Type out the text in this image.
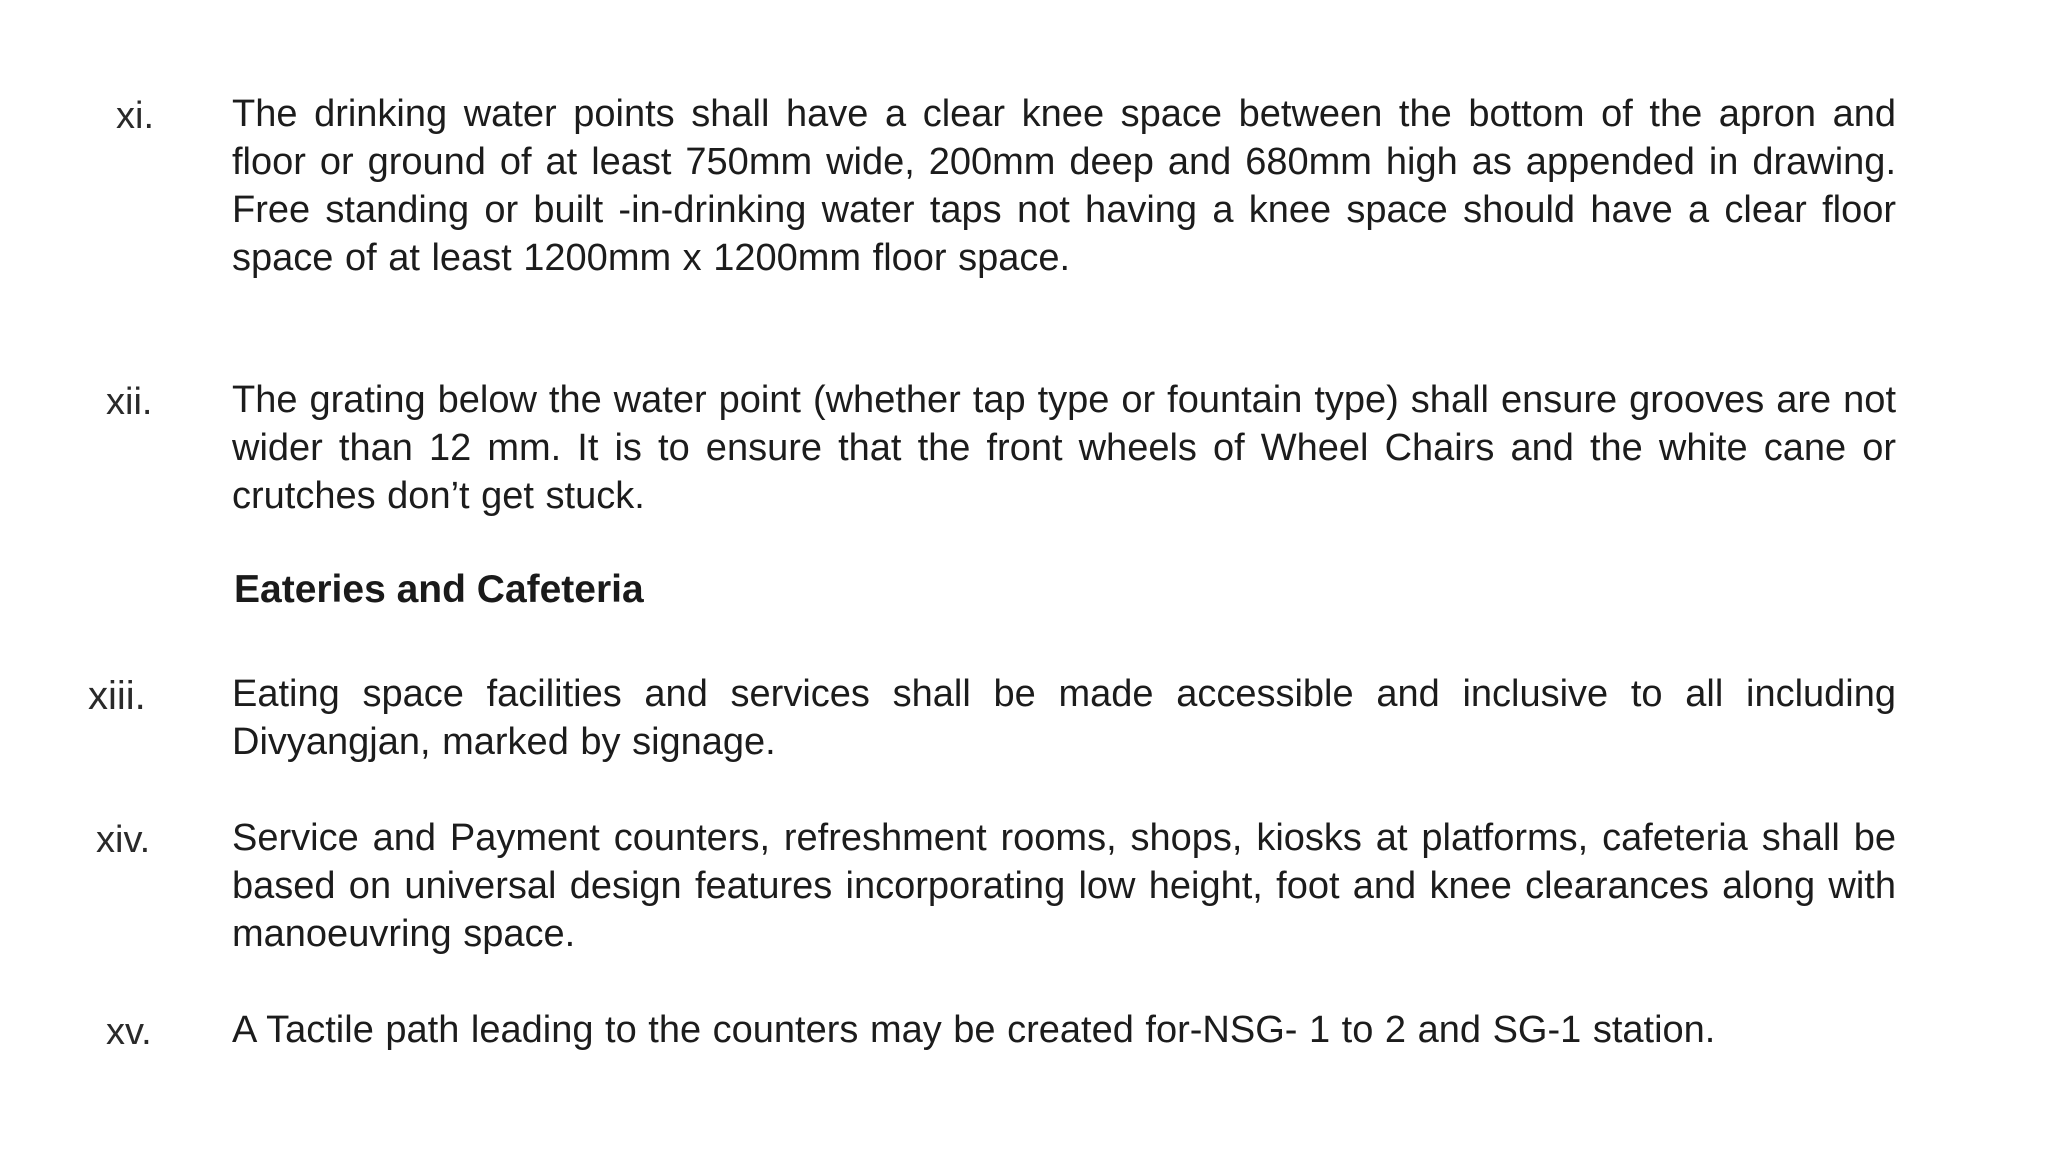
xi. The drinking water points shall have a clear knee space between the bottom of the apron and floor or ground of at least 750mm wide, 200mm deep and 680mm high as appended in drawing. Free standing or built -in-drinking water taps not having a knee space should have a clear floor space of at least 1200mm x 1200mm floor space.
xii. The grating below the water point (whether tap type or fountain type) shall ensure grooves are not wider than 12 mm. It is to ensure that the front wheels of Wheel Chairs and the white cane or crutches don’t get stuck.
Eateries and Cafeteria
xiii. Eating space facilities and services shall be made accessible and inclusive to all including Divyangjan, marked by signage.
xiv. Service and Payment counters, refreshment rooms, shops, kiosks at platforms, cafeteria shall be based on universal design features incorporating low height, foot and knee clearances along with manoeuvring space.
xv. A Tactile path leading to the counters may be created for-NSG- 1 to 2 and SG-1 station.
